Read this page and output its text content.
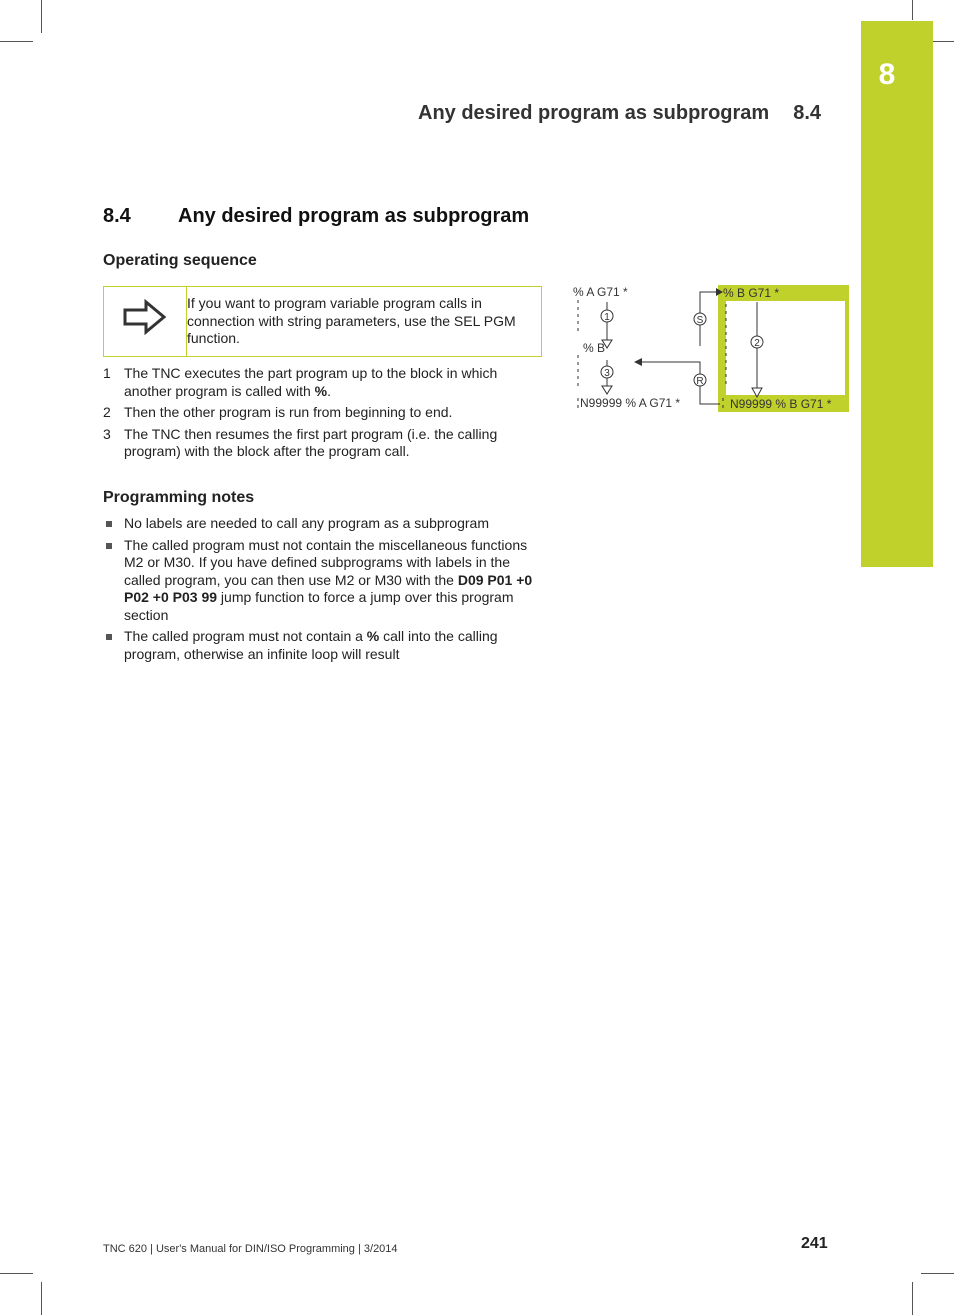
8
Any desired program as subprogram 8.4
8.4 Any desired program as subprogram
Operating sequence
If you want to program variable program calls in connection with string parameters, use the SEL PGM function.
1 The TNC executes the part program up to the block in which another program is called with %.
2 Then the other program is run from beginning to end.
3 The TNC then resumes the first part program (i.e. the calling program) with the block after the program call.
Programming notes
No labels are needed to call any program as a subprogram
The called program must not contain the miscellaneous functions M2 or M30. If you have defined subprograms with labels in the called program, you can then use M2 or M30 with the D09 P01 +0 P02 +0 P03 99 jump function to force a jump over this program section
The called program must not contain a % call into the calling program, otherwise an infinite loop will result
1
2
3
S
R
% A G71 *
% B
N99999 % A G71 *
% B G71 *
N99999 % B G71 *
TNC 620 | User's Manual for DIN/ISO Programming | 3/2014	241
